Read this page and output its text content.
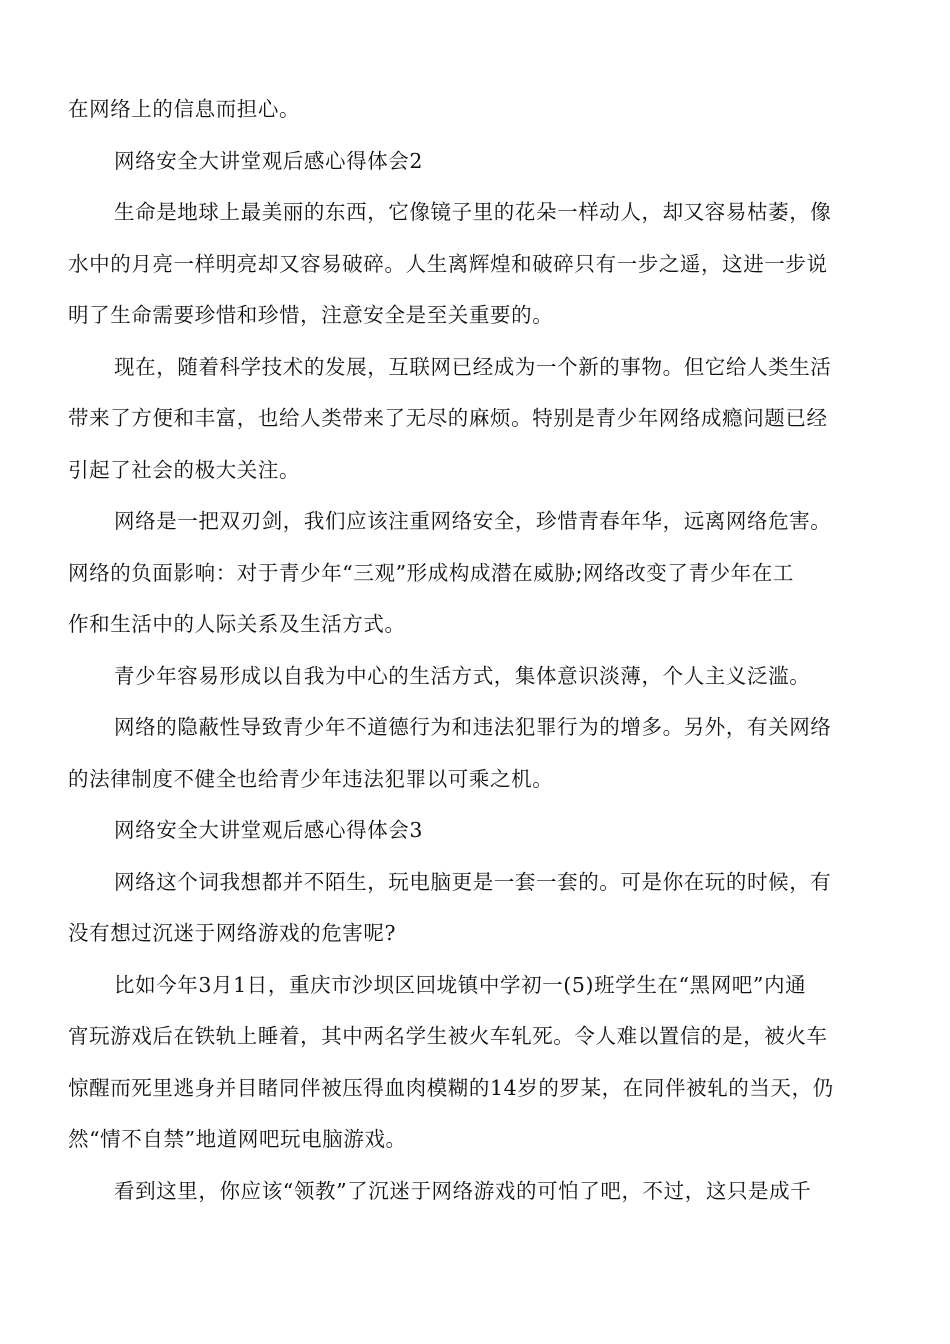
在网络上的信息而担心。
网络安全大讲堂观后感心得体会2
生命是地球上最美丽的东西，它像镜子里的花朵一样动人，却又容易枯萎，像
水中的月亮一样明亮却又容易破碎。人生离辉煌和破碎只有一步之遥，这进一步说
明了生命需要珍惜和珍惜，注意安全是至关重要的。
现在，随着科学技术的发展，互联网已经成为一个新的事物。但它给人类生活
带来了方便和丰富，也给人类带来了无尽的麻烦。特别是青少年网络成瘾问题已经
引起了社会的极大关注。
网络是一把双刃剑，我们应该注重网络安全，珍惜青春年华，远离网络危害。
网络的负面影响：对于青少年“三观”形成构成潜在威胁;网络改变了青少年在工
作和生活中的人际关系及生活方式。
青少年容易形成以自我为中心的生活方式，集体意识淡薄，个人主义泛滥。
网络的隐蔽性导致青少年不道德行为和违法犯罪行为的增多。另外，有关网络
的法律制度不健全也给青少年违法犯罪以可乘之机。
网络安全大讲堂观后感心得体会3
网络这个词我想都并不陌生，玩电脑更是一套一套的。可是你在玩的时候，有
没有想过沉迷于网络游戏的危害呢?
比如今年3月1日，重庆市沙坝区回垅镇中学初一(5)班学生在“黑网吧”内通
宵玩游戏后在铁轨上睡着，其中两名学生被火车轧死。令人难以置信的是，被火车
惊醒而死里逃身并目睹同伴被压得血肉模糊的14岁的罗某，在同伴被轧的当天，仍
然“情不自禁”地道网吧玩电脑游戏。
看到这里，你应该“领教”了沉迷于网络游戏的可怕了吧，不过，这只是成千
